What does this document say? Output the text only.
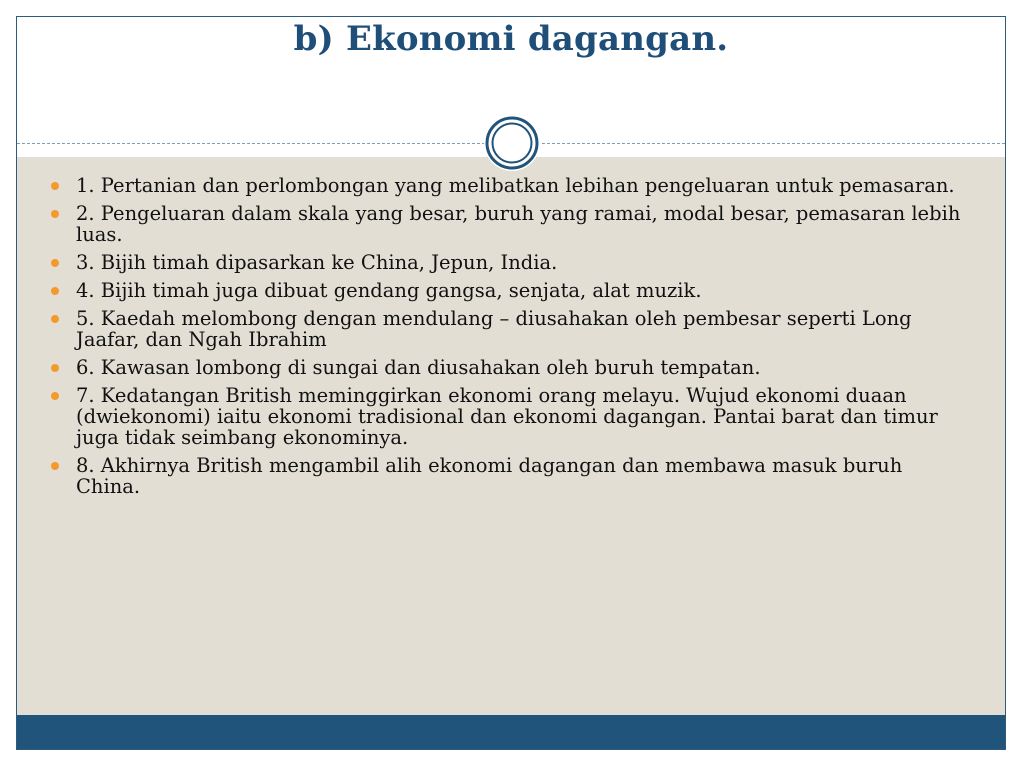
b) Ekonomi dagangan.
1. Pertanian dan perlombongan yang melibatkan lebihan pengeluaran untuk pemasaran.
2. Pengeluaran dalam skala yang besar, buruh yang ramai, modal besar, pemasaran lebih luas.
3. Bijih timah dipasarkan ke China, Jepun, India.
4. Bijih timah juga dibuat gendang gangsa, senjata, alat muzik.
5. Kaedah melombong dengan mendulang – diusahakan oleh pembesar seperti Long Jaafar, dan Ngah Ibrahim
6. Kawasan lombong di sungai dan diusahakan oleh buruh tempatan.
7. Kedatangan British meminggirkan ekonomi orang melayu. Wujud ekonomi duaan (dwiekonomi) iaitu ekonomi tradisional dan ekonomi dagangan. Pantai barat dan timur juga tidak seimbang ekonominya.
8. Akhirnya British mengambil alih ekonomi dagangan dan membawa masuk buruh China.
